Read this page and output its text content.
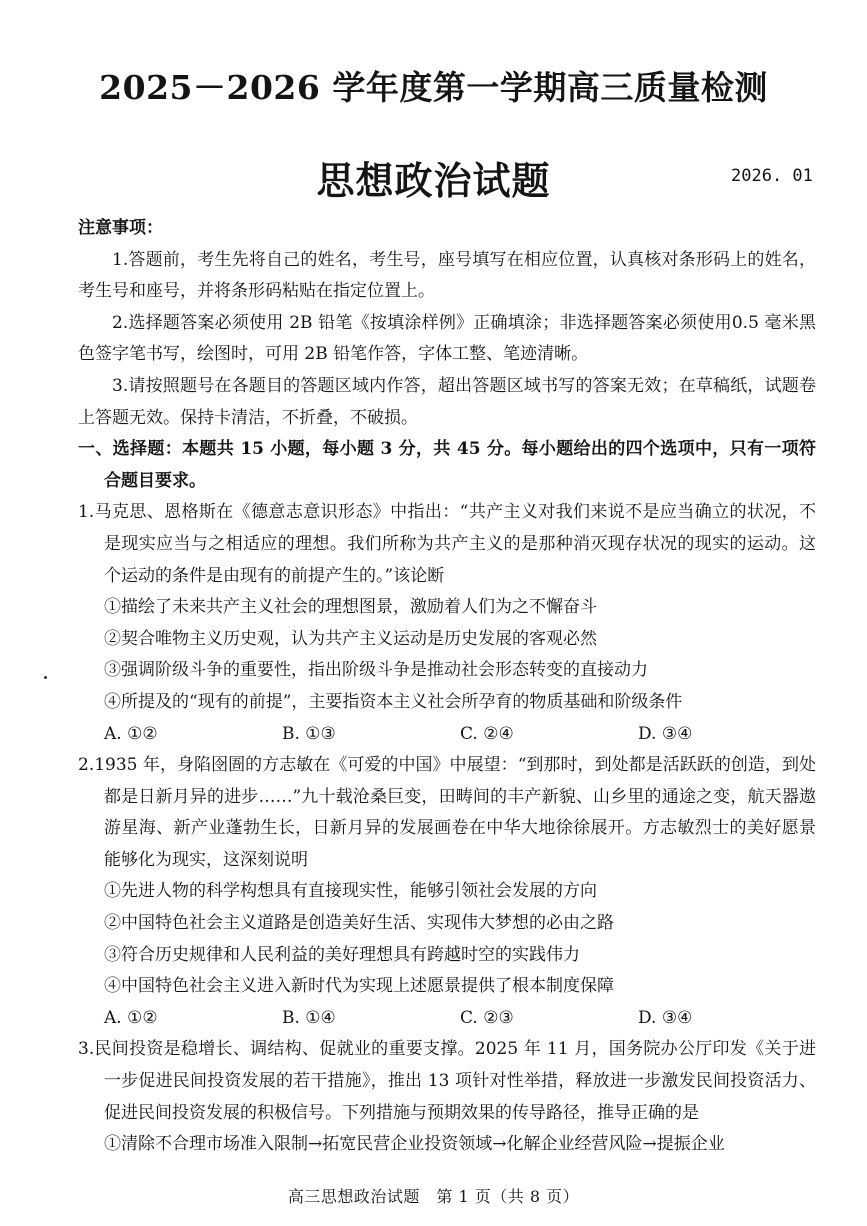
2025－2026 学年度第一学期高三质量检测
思想政治试题	2026. 01

注意事项：

1.答题前，考生先将自己的姓名，考生号，座号填写在相应位置，认真核对条形码上的姓名，考生号和座号，并将条形码粘贴在指定位置上。

2.选择题答案必须使用 2B 铅笔《按填涂样例》正确填涂；非选择题答案必须使用0.5 毫米黑色签字笔书写，绘图时，可用 2B 铅笔作答，字体工整、笔迹清晰。

3.请按照题号在各题目的答题区域内作答，超出答题区域书写的答案无效；在草稿纸，试题卷上答题无效。保持卡清洁，不折叠，不破损。

一、选择题：本题共 15 小题，每小题 3 分，共 45 分。每小题给出的四个选项中，只有一项符合题目要求。

1.马克思、恩格斯在《德意志意识形态》中指出：“共产主义对我们来说不是应当确立的状况，不是现实应当与之相适应的理想。我们所称为共产主义的是那种消灭现存状况的现实的运动。这个运动的条件是由现有的前提产生的。”该论断

①描绘了未来共产主义社会的理想图景，激励着人们为之不懈奋斗

②契合唯物主义历史观，认为共产主义运动是历史发展的客观必然

③强调阶级斗争的重要性，指出阶级斗争是推动社会形态转变的直接动力

④所提及的“现有的前提”，主要指资本主义社会所孕育的物质基础和阶级条件

A. ①②	B. ①③	C. ②④	D. ③④

2.1935 年，身陷囹圄的方志敏在《可爱的中国》中展望：“到那时，到处都是活跃跃的创造，到处都是日新月异的进步……”九十载沧桑巨变，田畴间的丰产新貌、山乡里的通途之变，航天器遨游星海、新产业蓬勃生长，日新月异的发展画卷在中华大地徐徐展开。方志敏烈士的美好愿景能够化为现实，这深刻说明

①先进人物的科学构想具有直接现实性，能够引领社会发展的方向

②中国特色社会主义道路是创造美好生活、实现伟大梦想的必由之路

③符合历史规律和人民利益的美好理想具有跨越时空的实践伟力

④中国特色社会主义进入新时代为实现上述愿景提供了根本制度保障

A. ①②	B. ①④	C. ②③	D. ③④

3.民间投资是稳增长、调结构、促就业的重要支撑。2025 年 11 月，国务院办公厅印发《关于进一步促进民间投资发展的若干措施》，推出 13 项针对性举措，释放进一步激发民间投资活力、促进民间投资发展的积极信号。下列措施与预期效果的传导路径，推导正确的是

①清除不合理市场准入限制→拓宽民营企业投资领域→化解企业经营风险→提振企业

高三思想政治试题　第 1 页（共 8 页）
